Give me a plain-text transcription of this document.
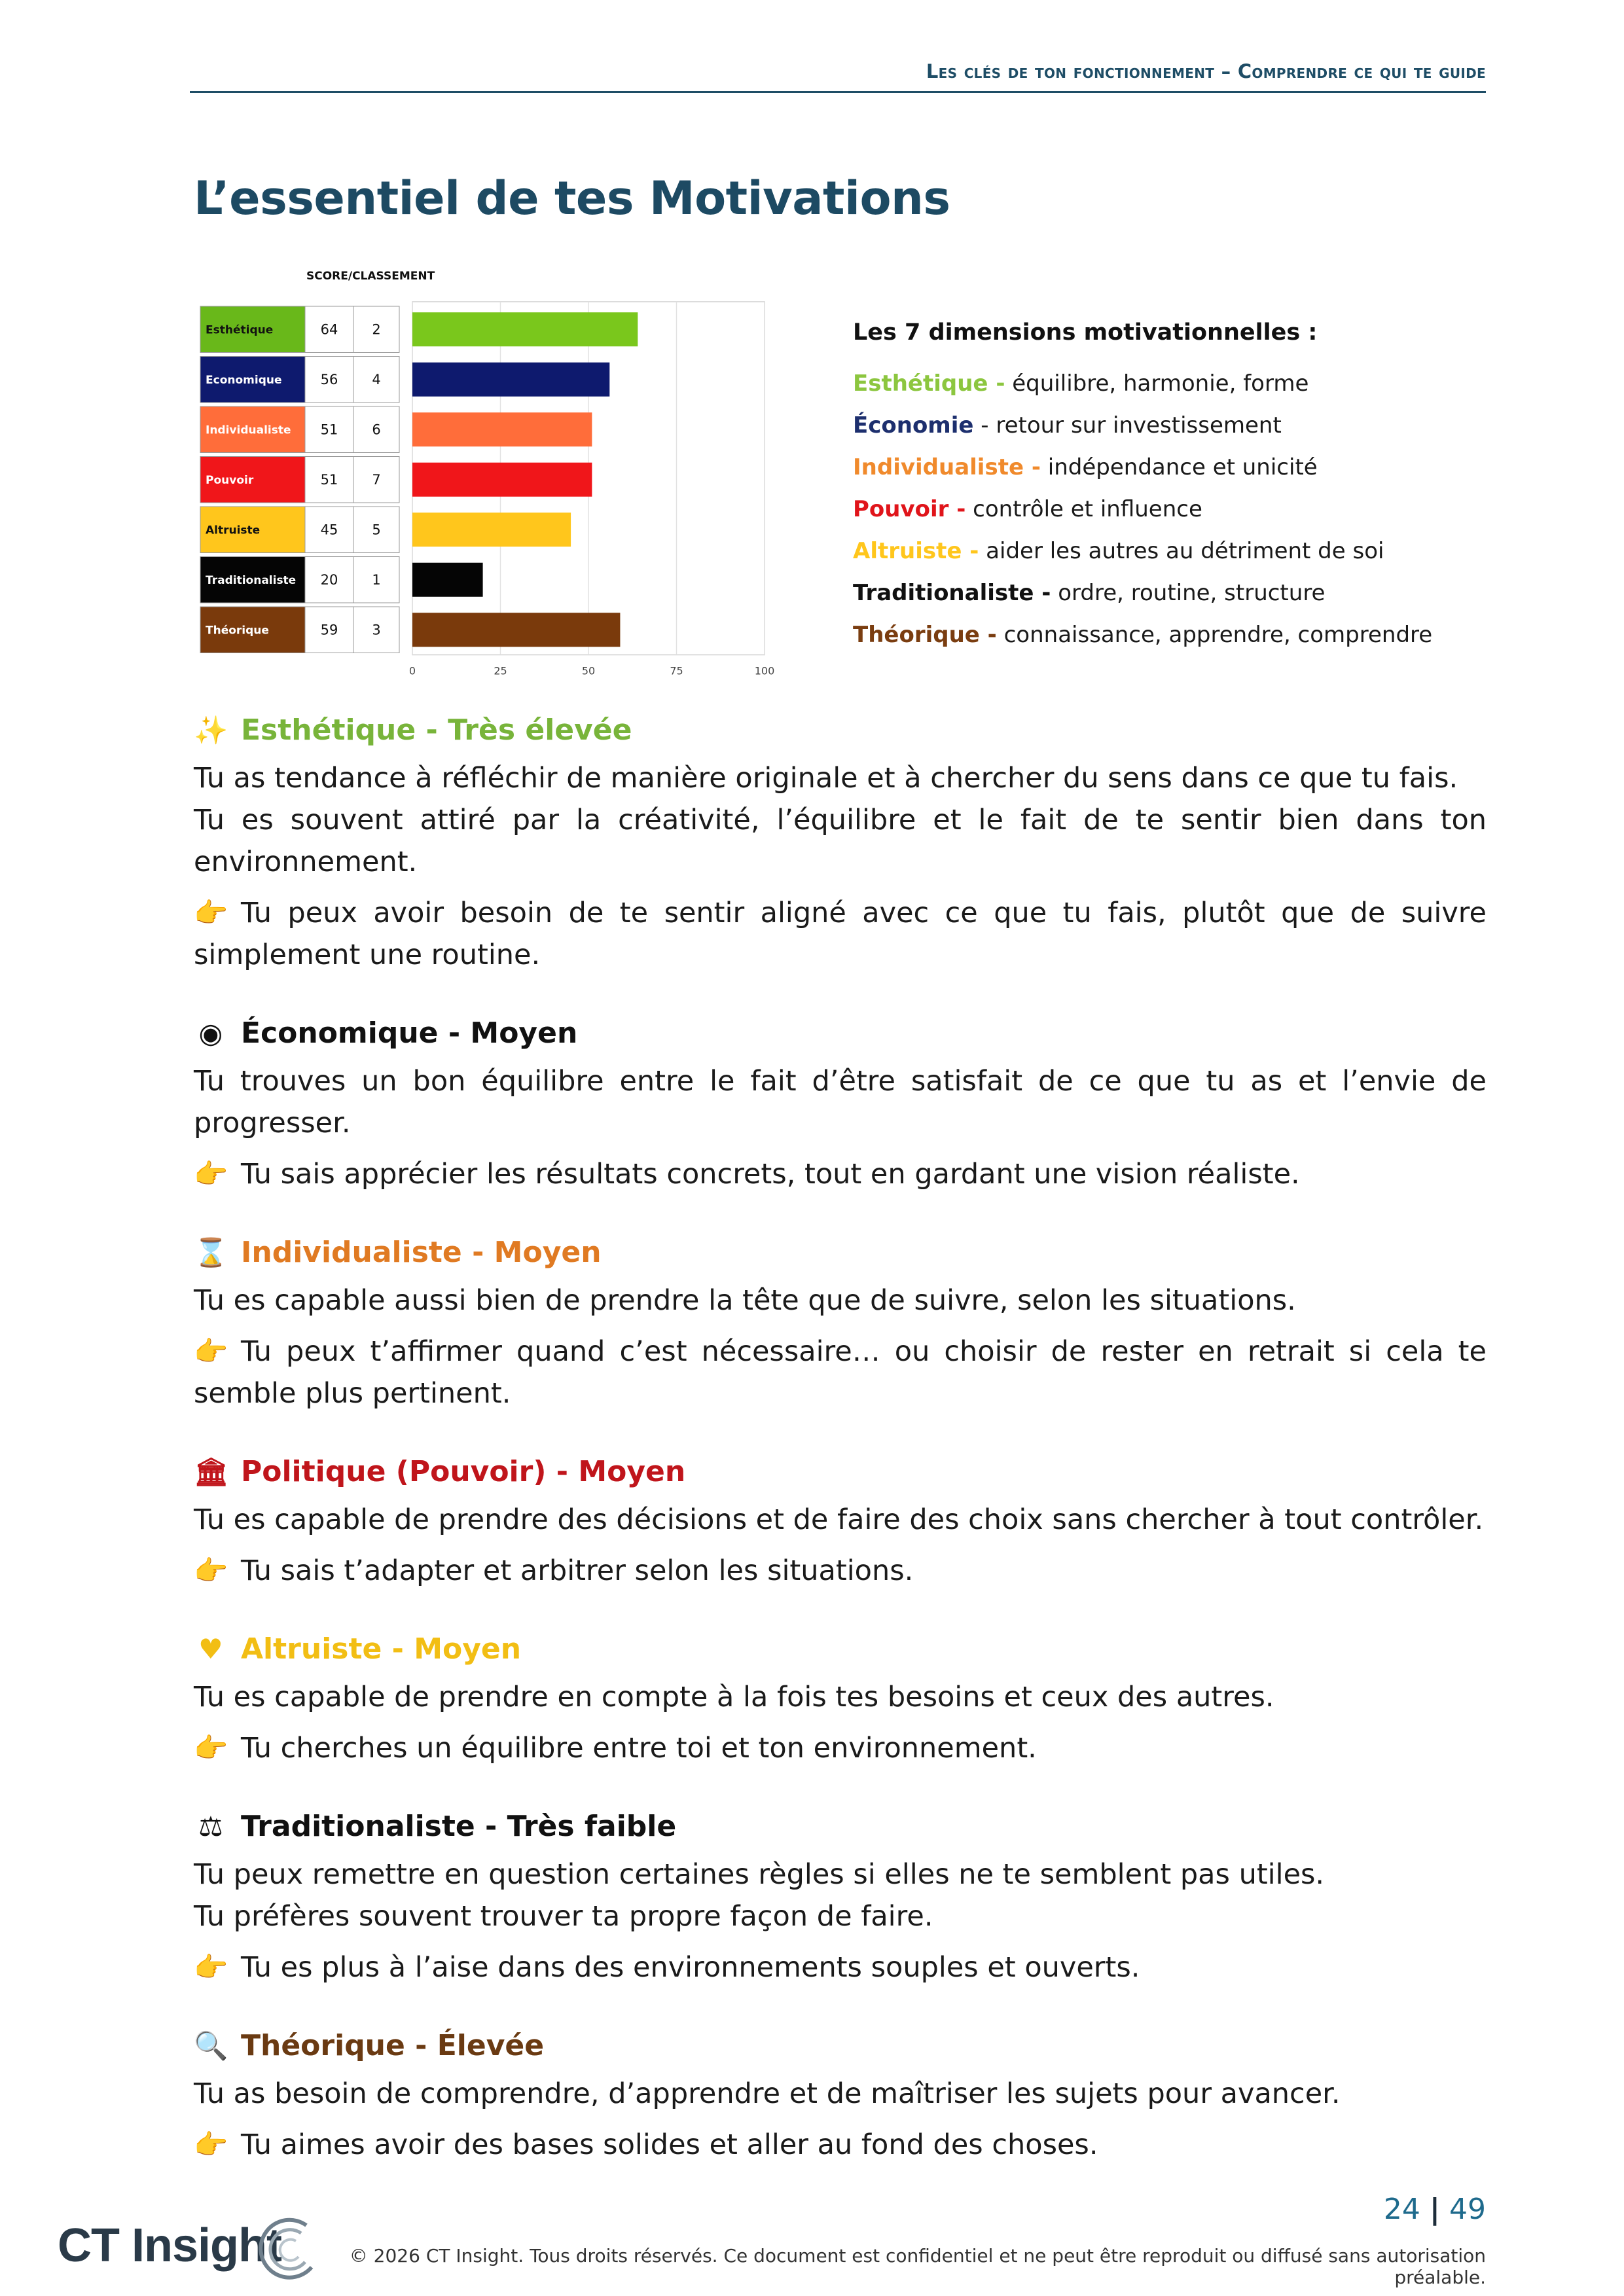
Les clés de ton fonctionnement – Comprendre ce qui te guide
L’essentiel de tes Motivations
SCORE/CLASSEMENT
0	25	50	75	100
Esthétique	64 2
Economique	56 4
Individualiste 51 6
Pouvoir	51 7
Altruiste	45 5
Traditionaliste 20 1
Théorique	59 3
Les 7 dimensions motivationnelles :
Esthétique - équilibre, harmonie, forme
Économie - retour sur investissement
Individualiste - indépendance et unicité
Pouvoir - contrôle et influence
Altruiste - aider les autres au détriment de soi
Traditionaliste - ordre, routine, structure
Théorique - connaissance, apprendre, comprendre
✨ Esthétique - Très élevée
Tu as tendance à réfléchir de manière originale et à chercher du sens dans ce que tu fais.
Tu es souvent attiré par la créativité, l’équilibre et le fait de te sentir bien dans ton environnement.
👉 Tu peux avoir besoin de te sentir aligné avec ce que tu fais, plutôt que de suivre simplement une routine.
◉ Économique - Moyen
Tu trouves un bon équilibre entre le fait d’être satisfait de ce que tu as et l’envie de progresser.
👉 Tu sais apprécier les résultats concrets, tout en gardant une vision réaliste.
⌛ Individualiste - Moyen
Tu es capable aussi bien de prendre la tête que de suivre, selon les situations.
👉 Tu peux t’affirmer quand c’est nécessaire… ou choisir de rester en retrait si cela te semble plus pertinent.
🏛 Politique (Pouvoir) - Moyen
Tu es capable de prendre des décisions et de faire des choix sans chercher à tout contrôler.
👉 Tu sais t’adapter et arbitrer selon les situations.
♥ Altruiste - Moyen
Tu es capable de prendre en compte à la fois tes besoins et ceux des autres.
👉 Tu cherches un équilibre entre toi et ton environnement.
⚖ Traditionaliste - Très faible
Tu peux remettre en question certaines règles si elles ne te semblent pas utiles.
Tu préfères souvent trouver ta propre façon de faire.
👉 Tu es plus à l’aise dans des environnements souples et ouverts.
🔍 Théorique - Élevée
Tu as besoin de comprendre, d’apprendre et de maîtriser les sujets pour avancer.
👉 Tu aimes avoir des bases solides et aller au fond des choses.
24 | 49
CT Insight	© 2026 CT Insight. Tous droits réservés. Ce document est confidentiel et ne peut être reproduit ou diffusé sans autorisation préalable.
